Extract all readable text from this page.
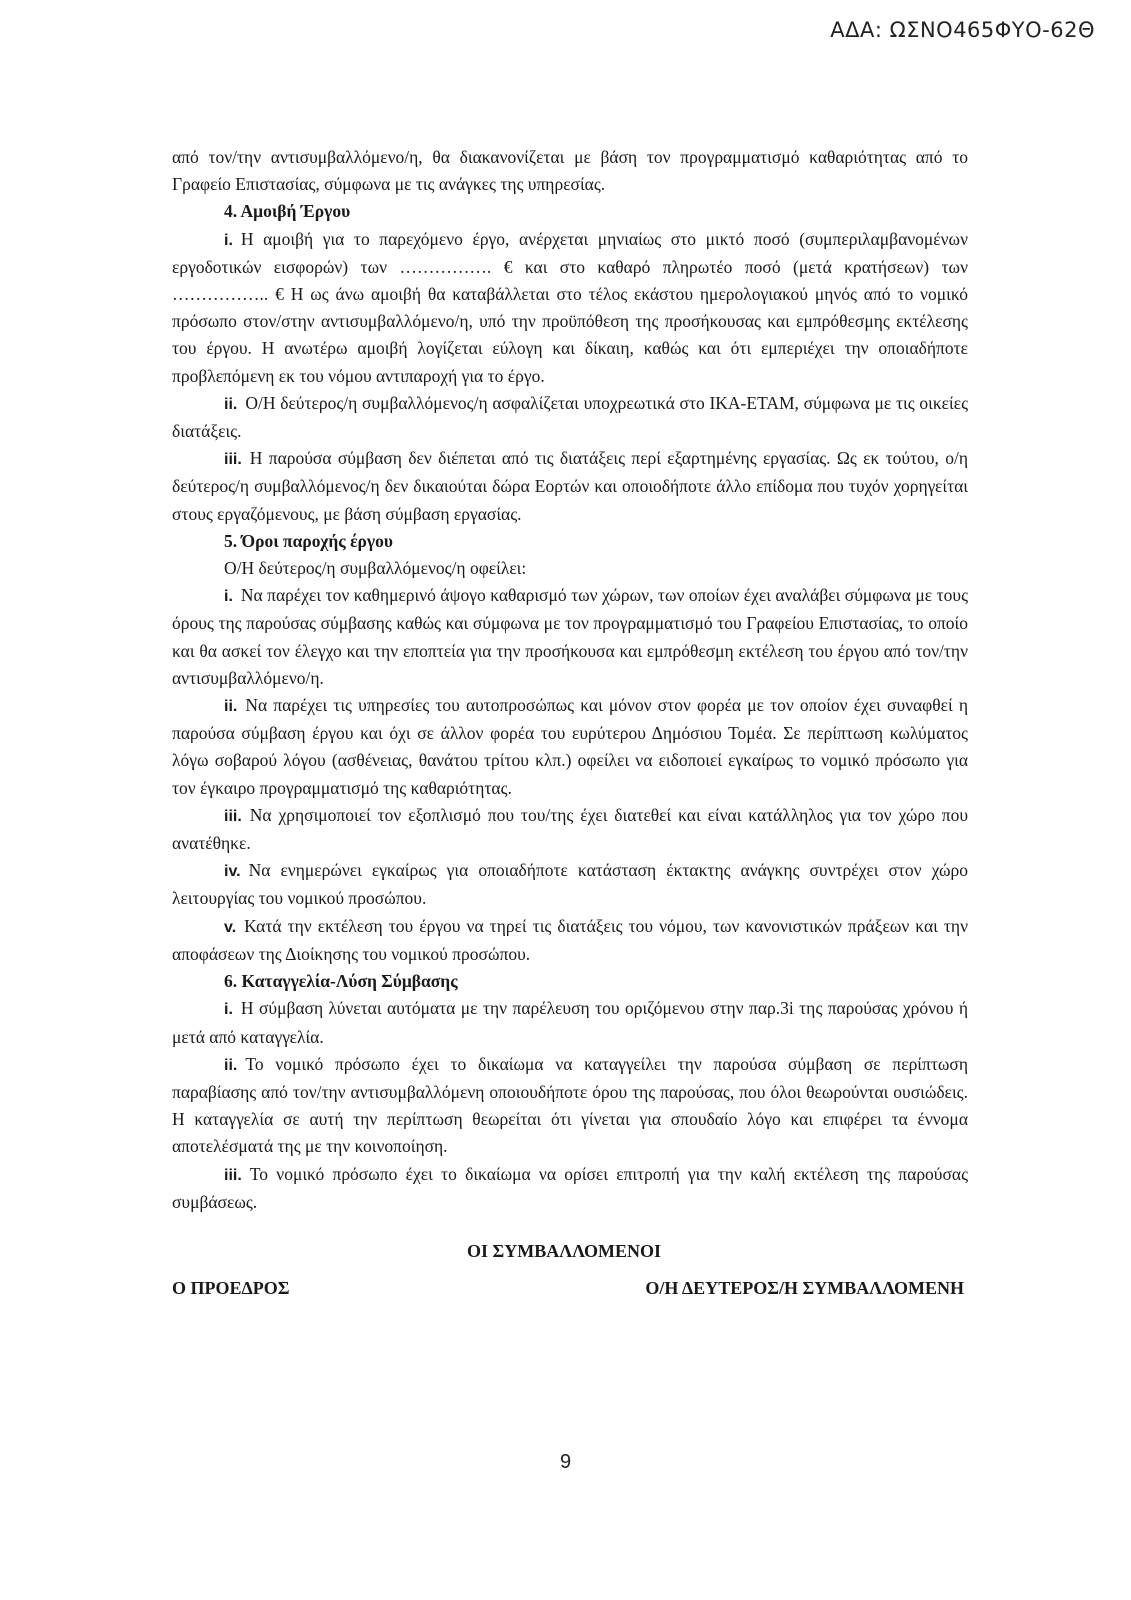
ΑΔΑ: ΩΣΝΟ465ΦΥΟ-62Θ

από τον/την αντισυμβαλλόμενο/η, θα διακανονίζεται με βάση τον προγραμματισμό καθαριότητας από το Γραφείο Επιστασίας, σύμφωνα με τις ανάγκες της υπηρεσίας.

4. Αμοιβή Έργου

i. Η αμοιβή για το παρεχόμενο έργο, ανέρχεται μηνιαίως στο μικτό ποσό (συμπεριλαμβανομένων εργοδοτικών εισφορών) των ……………. € και στο καθαρό πληρωτέο ποσό (μετά κρατήσεων) των …………….. € Η ως άνω αμοιβή θα καταβάλλεται στο τέλος εκάστου ημερολογιακού μηνός από το νομικό πρόσωπο στον/στην αντισυμβαλλόμενο/η, υπό την προϋπόθεση της προσήκουσας και εμπρόθεσμης εκτέλεσης του έργου. Η ανωτέρω αμοιβή λογίζεται εύλογη και δίκαιη, καθώς και ότι εμπεριέχει την οποιαδήποτε προβλεπόμενη εκ του νόμου αντιπαροχή για το έργο.

ii. Ο/Η δεύτερος/η συμβαλλόμενος/η ασφαλίζεται υποχρεωτικά στο ΙΚΑ-ΕΤΑΜ, σύμφωνα με τις οικείες διατάξεις.

iii. Η παρούσα σύμβαση δεν διέπεται από τις διατάξεις περί εξαρτημένης εργασίας. Ως εκ τούτου, ο/η δεύτερος/η συμβαλλόμενος/η δεν δικαιούται δώρα Εορτών και οποιοδήποτε άλλο επίδομα που τυχόν χορηγείται στους εργαζόμενους, με βάση σύμβαση εργασίας.

5. Όροι παροχής έργου

Ο/Η δεύτερος/η συμβαλλόμενος/η οφείλει:

i. Να παρέχει τον καθημερινό άψογο καθαρισμό των χώρων, των οποίων έχει αναλάβει σύμφωνα με τους όρους της παρούσας σύμβασης καθώς και σύμφωνα με τον προγραμματισμό του Γραφείου Επιστασίας, το οποίο και θα ασκεί τον έλεγχο και την εποπτεία για την προσήκουσα και εμπρόθεσμη εκτέλεση του έργου από τον/την αντισυμβαλλόμενο/η.

ii. Να παρέχει τις υπηρεσίες του αυτοπροσώπως και μόνον στον φορέα με τον οποίον έχει συναφθεί η παρούσα σύμβαση έργου και όχι σε άλλον φορέα του ευρύτερου Δημόσιου Τομέα. Σε περίπτωση κωλύματος λόγω σοβαρού λόγου (ασθένειας, θανάτου τρίτου κλπ.) οφείλει να ειδοποιεί εγκαίρως το νομικό πρόσωπο για τον έγκαιρο προγραμματισμό της καθαριότητας.

iii. Να χρησιμοποιεί τον εξοπλισμό που του/της έχει διατεθεί και είναι κατάλληλος για τον χώρο που ανατέθηκε.

iv. Να ενημερώνει εγκαίρως για οποιαδήποτε κατάσταση έκτακτης ανάγκης συντρέχει στον χώρο λειτουργίας του νομικού προσώπου.

v. Κατά την εκτέλεση του έργου να τηρεί τις διατάξεις του νόμου, των κανονιστικών πράξεων και την αποφάσεων της Διοίκησης του νομικού προσώπου.

6. Καταγγελία-Λύση Σύμβασης

i. Η σύμβαση λύνεται αυτόματα με την παρέλευση του οριζόμενου στην παρ.3i της παρούσας χρόνου ή μετά από καταγγελία.

ii. Το νομικό πρόσωπο έχει το δικαίωμα να καταγγείλει την παρούσα σύμβαση σε περίπτωση παραβίασης από τον/την αντισυμβαλλόμενη οποιουδήποτε όρου της παρούσας, που όλοι θεωρούνται ουσιώδεις. Η καταγγελία σε αυτή την περίπτωση θεωρείται ότι γίνεται για σπουδαίο λόγο και επιφέρει τα έννομα αποτελέσματά της με την κοινοποίηση.

iii. Το νομικό πρόσωπο έχει το δικαίωμα να ορίσει επιτροπή για την καλή εκτέλεση της παρούσας συμβάσεως.

ΟΙ ΣΥΜΒΑΛΛΟΜΕΝΟΙ
Ο ΠΡΟΕΔΡΟΣ	Ο/Η ΔΕΥΤΕΡΟΣ/Η ΣΥΜΒΑΛΛΟΜΕΝΗ
9
